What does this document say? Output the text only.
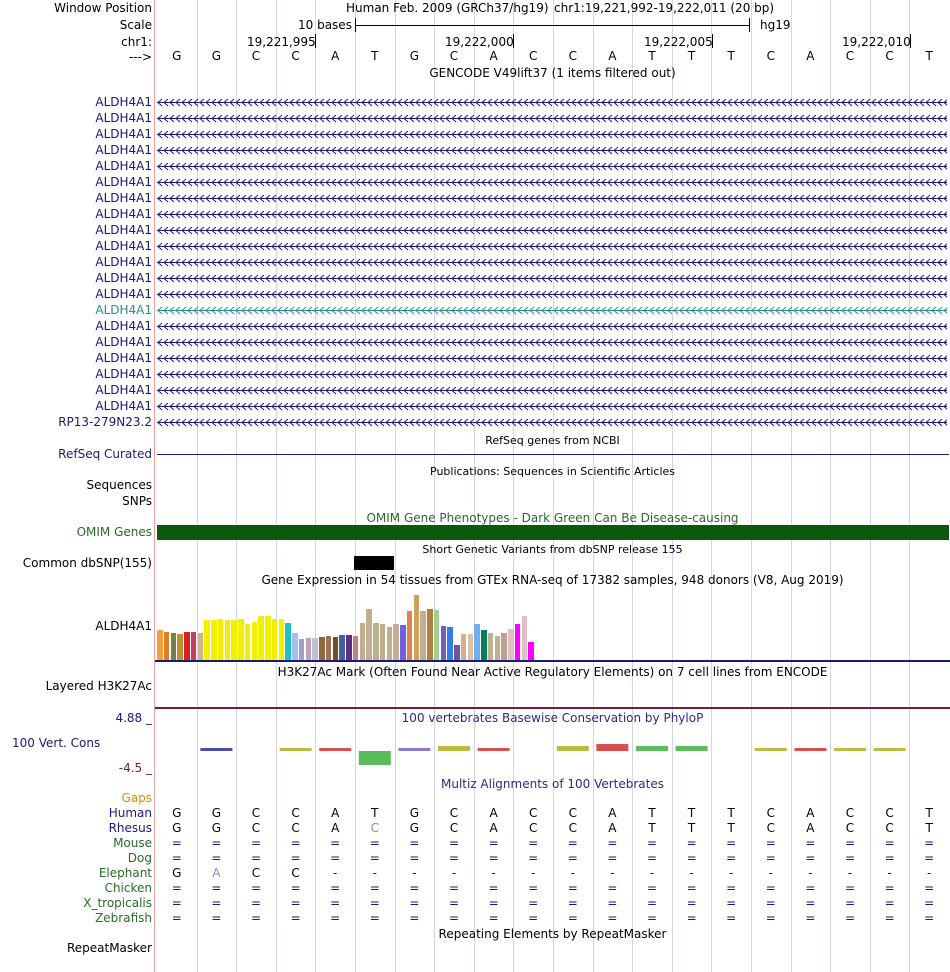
Window Position	Human Feb. 2009 (GRCh37/hg19) chr1:19,221,992-19,222,011 (20 bp)
Scale	10 bases	hg19
chr1:	19,221,995	19,222,000	19,222,005	19,222,010
--->	G	G	C	C	A	T	G	C	A	C	C	A	T	T	T	C	A	C	C	T
GENCODE V49lift37 (1 items filtered out)
ALDH4A1
ALDH4A1
ALDH4A1
ALDH4A1
ALDH4A1
ALDH4A1
ALDH4A1
ALDH4A1
ALDH4A1
ALDH4A1
ALDH4A1
ALDH4A1
ALDH4A1
ALDH4A1
ALDH4A1
ALDH4A1
ALDH4A1
ALDH4A1
ALDH4A1
ALDH4A1
RP13-279N23.2
RefSeq genes from NCBI
RefSeq Curated
Publications: Sequences in Scientific Articles
Sequences
SNPs
OMIM Gene Phenotypes - Dark Green Can Be Disease-causing
OMIM Genes
Short Genetic Variants from dbSNP release 155
Common dbSNP(155)
Gene Expression in 54 tissues from GTEx RNA-seq of 17382 samples, 948 donors (V8, Aug 2019)
ALDH4A1
H3K27Ac Mark (Often Found Near Active Regulatory Elements) on 7 cell lines from ENCODE
Layered H3K27Ac
100 vertebrates Basewise Conservation by PhyloP
4.88 _
100 Vert. Cons
-4.5 _
Multiz Alignments of 100 Vertebrates
Gaps
Human	G	G	C	C	A	T	G	C	A	C	C	A	T	T	T	C	A	C	C	T
Rhesus	G	G	C	C	A	C	G	C	A	C	C	A	T	T	T	C	A	C	C	T
Mouse	=	=	=	=	=	=	=	=	=	=	=	=	=	=	=	=	=	=	=	=
Dog	=	=	=	=	=	=	=	=	=	=	=	=	=	=	=	=	=	=	=	=
Elephant	G	A	C	C	-	-	-	-	-	-	-	-	-	-	-	-	-	-	-	-
Chicken	=	=	=	=	=	=	=	=	=	=	=	=	=	=	=	=	=	=	=	=
X_tropicalis	=	=	=	=	=	=	=	=	=	=	=	=	=	=	=	=	=	=	=	=
Zebrafish	=	=	=	=	=	=	=	=	=	=	=	=	=	=	=	=	=	=	=	=
Repeating Elements by RepeatMasker
RepeatMasker
